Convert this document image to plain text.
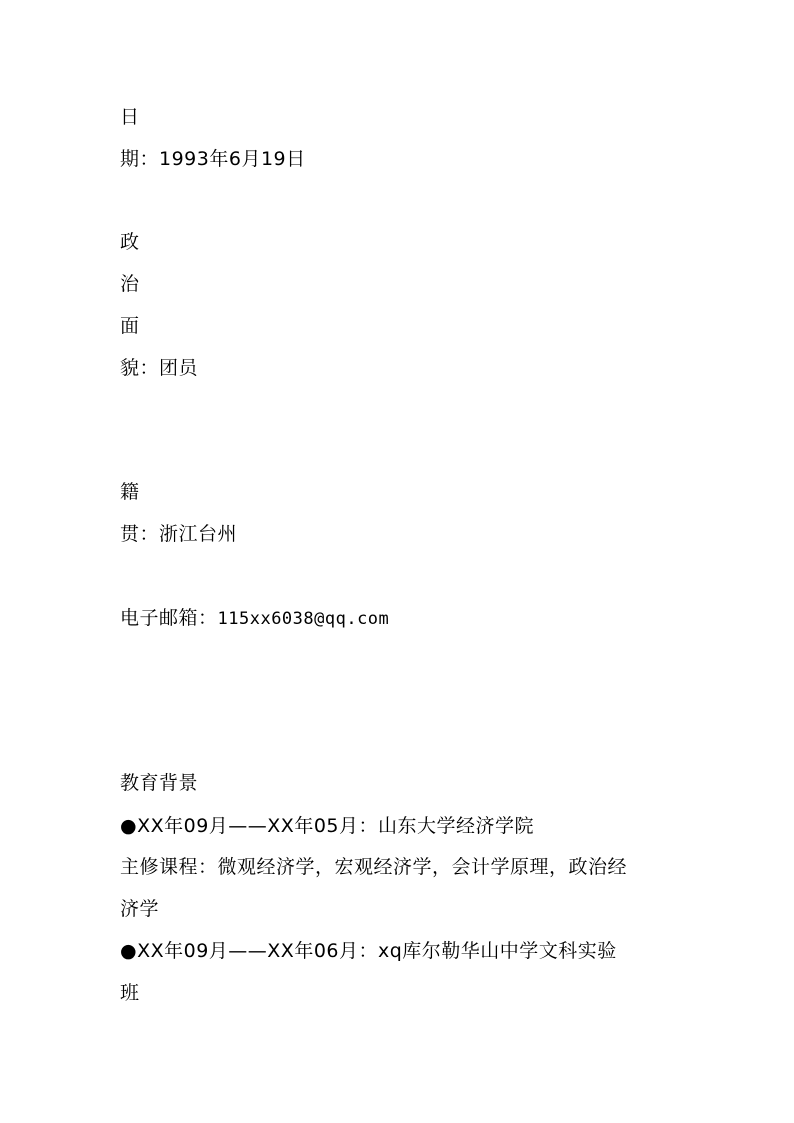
日
期：1993年6月19日
政
治
面
貌：团员
籍
贯：浙江台州
电子邮箱：115xx6038@qq.com
教育背景
●XX年09月——XX年05月：山东大学经济学院
主修课程：微观经济学，宏观经济学，会计学原理，政治经
济学
●XX年09月——XX年06月：xq库尔勒华山中学文科实验
班
